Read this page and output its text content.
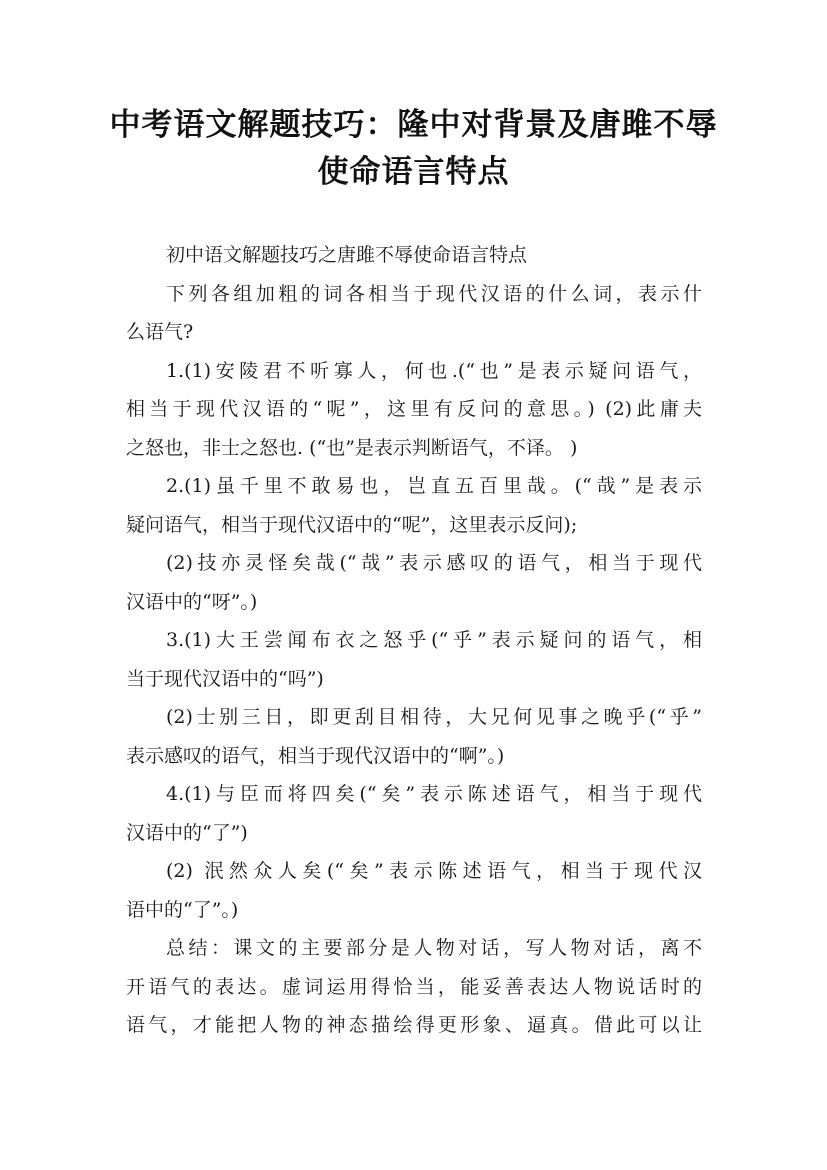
中考语文解题技巧：隆中对背景及唐雎不辱
使命语言特点
初中语文解题技巧之唐雎不辱使命语言特点
下列各组加粗的词各相当于现代汉语的什么词，表示什
么语气?
1.(1)安陵君不听寡人，何也.(“也”是表示疑问语气，
相当于现代汉语的“呢”，这里有反问的意思。) (2)此庸夫
之怒也，非士之怒也. (“也”是表示判断语气，不译。 )
2.(1)虽千里不敢易也，岂直五百里哉。(“哉”是表示
疑问语气，相当于现代汉语中的“呢”，这里表示反问);
(2)技亦灵怪矣哉(“哉”表示感叹的语气，相当于现代
汉语中的“呀”。)
3.(1)大王尝闻布衣之怒乎(“乎”表示疑问的语气，相
当于现代汉语中的“吗”)
(2)士别三日，即更刮目相待，大兄何见事之晚乎(“乎”
表示感叹的语气，相当于现代汉语中的“啊”。)
4.(1)与臣而将四矣(“矣”表示陈述语气，相当于现代
汉语中的“了”)
(2) 泯然众人矣(“矣”表示陈述语气，相当于现代汉
语中的“了”。)
总结：课文的主要部分是人物对话，写人物对话，离不
开语气的表达。虚词运用得恰当，能妥善表达人物说话时的
语气，才能把人物的神态描绘得更形象、逼真。借此可以让
